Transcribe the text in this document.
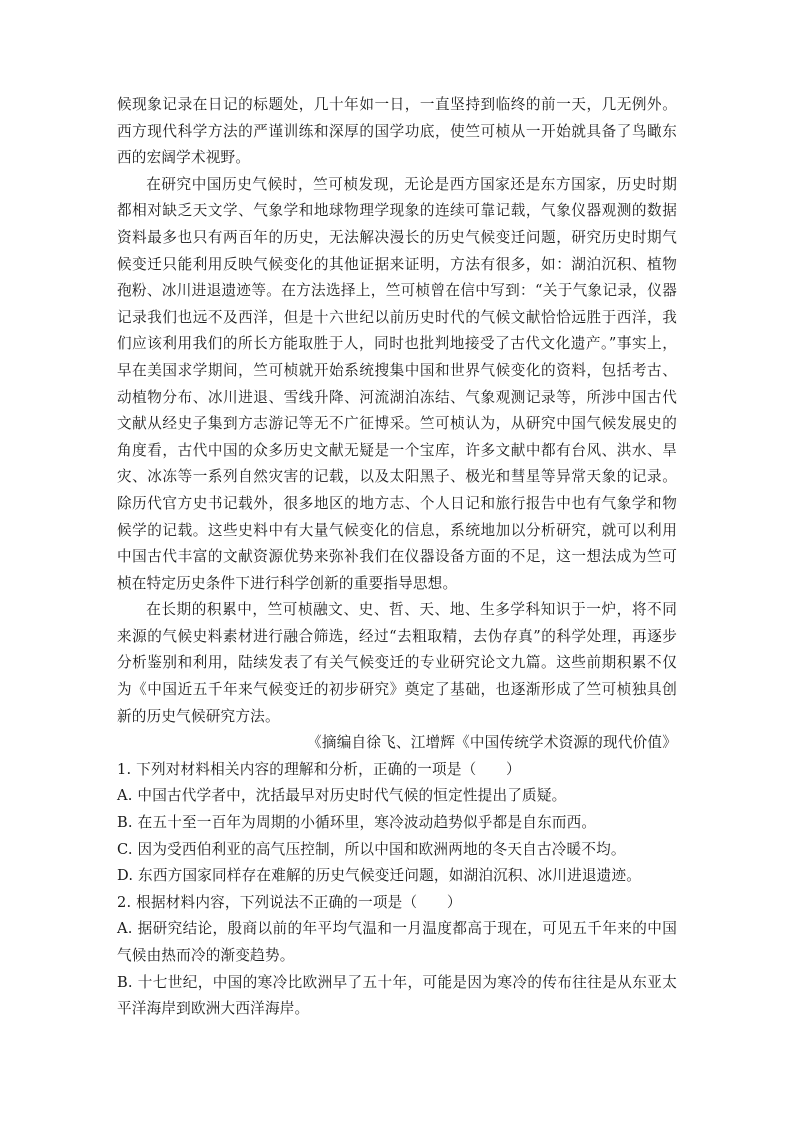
候现象记录在日记的标题处，几十年如一日，一直坚持到临终的前一天，几无例外。西方现代科学方法的严谨训练和深厚的国学功底，使竺可桢从一开始就具备了鸟瞰东西的宏阔学术视野。

在研究中国历史气候时，竺可桢发现，无论是西方国家还是东方国家，历史时期都相对缺乏天文学、气象学和地球物理学现象的连续可靠记载，气象仪器观测的数据资料最多也只有两百年的历史，无法解决漫长的历史气候变迁问题，研究历史时期气候变迁只能利用反映气候变化的其他证据来证明，方法有很多，如：湖泊沉积、植物孢粉、冰川进退遗迹等。在方法选择上，竺可桢曾在信中写到：“关于气象记录，仪器记录我们也远不及西洋，但是十六世纪以前历史时代的气候文献恰恰远胜于西洋，我们应该利用我们的所长方能取胜于人，同时也批判地接受了古代文化遗产。”事实上，早在美国求学期间，竺可桢就开始系统搜集中国和世界气候变化的资料，包括考古、动植物分布、冰川进退、雪线升降、河流湖泊冻结、气象观测记录等，所涉中国古代文献从经史子集到方志游记等无不广征博采。竺可桢认为，从研究中国气候发展史的角度看，古代中国的众多历史文献无疑是一个宝库，许多文献中都有台风、洪水、旱灾、冰冻等一系列自然灾害的记载，以及太阳黑子、极光和彗星等异常天象的记录。除历代官方史书记载外，很多地区的地方志、个人日记和旅行报告中也有气象学和物候学的记载。这些史料中有大量气候变化的信息，系统地加以分析研究，就可以利用中国古代丰富的文献资源优势来弥补我们在仪器设备方面的不足，这一想法成为竺可桢在特定历史条件下进行科学创新的重要指导思想。

在长期的积累中，竺可桢融文、史、哲、天、地、生多学科知识于一炉，将不同来源的气候史料素材进行融合筛选，经过“去粗取精，去伪存真”的科学处理，再逐步分析鉴别和利用，陆续发表了有关气候变迁的专业研究论文九篇。这些前期积累不仅为《中国近五千年来气候变迁的初步研究》奠定了基础，也逐渐形成了竺可桢独具创新的历史气候研究方法。

《摘编自徐飞、江增辉《中国传统学术资源的现代价值》

1. 下列对材料相关内容的理解和分析，正确的一项是（　　）

A. 中国古代学者中，沈括最早对历史时代气候的恒定性提出了质疑。

B. 在五十至一百年为周期的小循环里，寒冷波动趋势似乎都是自东而西。

C. 因为受西伯利亚的高气压控制，所以中国和欧洲两地的冬天自古冷暖不均。

D. 东西方国家同样存在难解的历史气候变迁问题，如湖泊沉积、冰川进退遗迹。

2. 根据材料内容，下列说法不正确的一项是（　　）

A. 据研究结论，殷商以前的年平均气温和一月温度都高于现在，可见五千年来的中国气候由热而冷的渐变趋势。

B. 十七世纪，中国的寒冷比欧洲早了五十年，可能是因为寒冷的传布往往是从东亚太平洋海岸到欧洲大西洋海岸。
